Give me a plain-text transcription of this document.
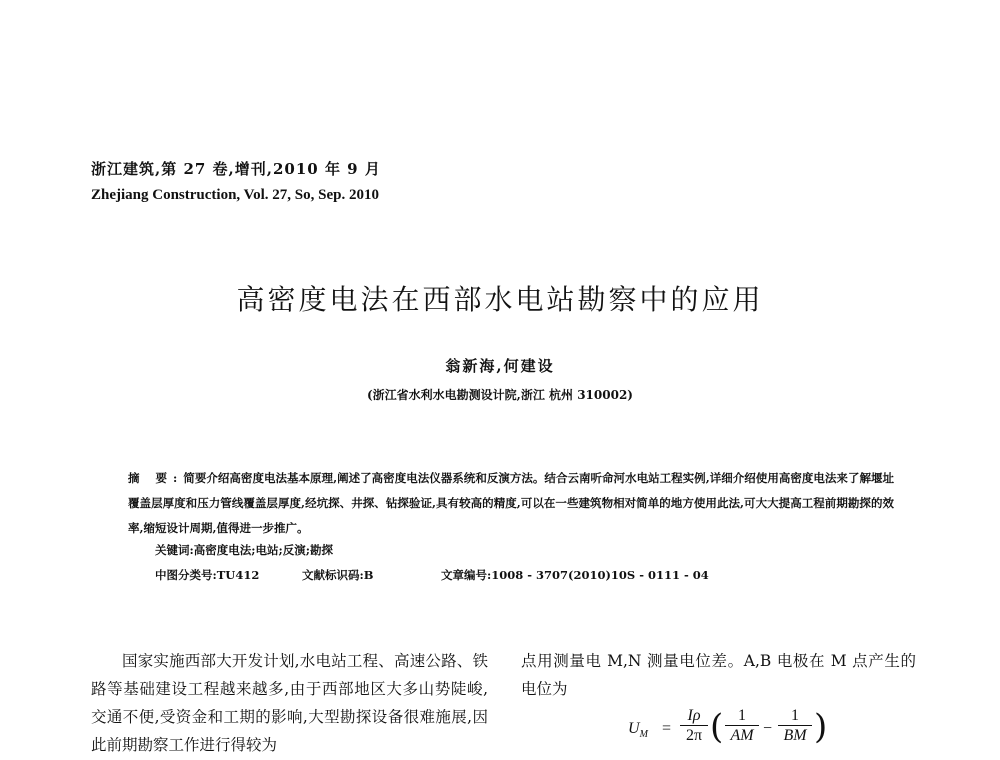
浙江建筑,第 27 卷,增刊,2010 年 9 月
Zhejiang Construction, Vol. 27, So, Sep. 2010
高密度电法在西部水电站勘察中的应用
翁新海,何建设
(浙江省水利水电勘测设计院,浙江 杭州 310002)
摘 要:简要介绍高密度电法基本原理,阐述了高密度电法仪器系统和反演方法。结合云南听命河水电站工程实例,详细介绍使用高密度电法来了解堰址覆盖层厚度和压力管线覆盖层厚度,经坑探、井探、钻探验证,具有较高的精度,可以在一些建筑物相对简单的地方使用此法,可大大提高工程前期勘探的效率,缩短设计周期,值得进一步推广。
关键词:高密度电法;电站;反演;勘探
中图分类号:TU412	文献标识码:B	文章编号:1008 - 3707(2010)10S - 0111 - 04
国家实施西部大开发计划,水电站工程、高速公路、铁路等基础建设工程越来越多,由于西部地区大多山势陡峻,交通不便,受资金和工期的影响,大型勘探设备很难施展,因此前期勘察工作进行得较为
点用测量电 M,N 测量电位差。A,B 电极在 M 点产生的电位为
$U_M = \frac{I\rho}{2\pi}$ ( $\frac{1}{AM} - \frac{1}{BM}$ )
